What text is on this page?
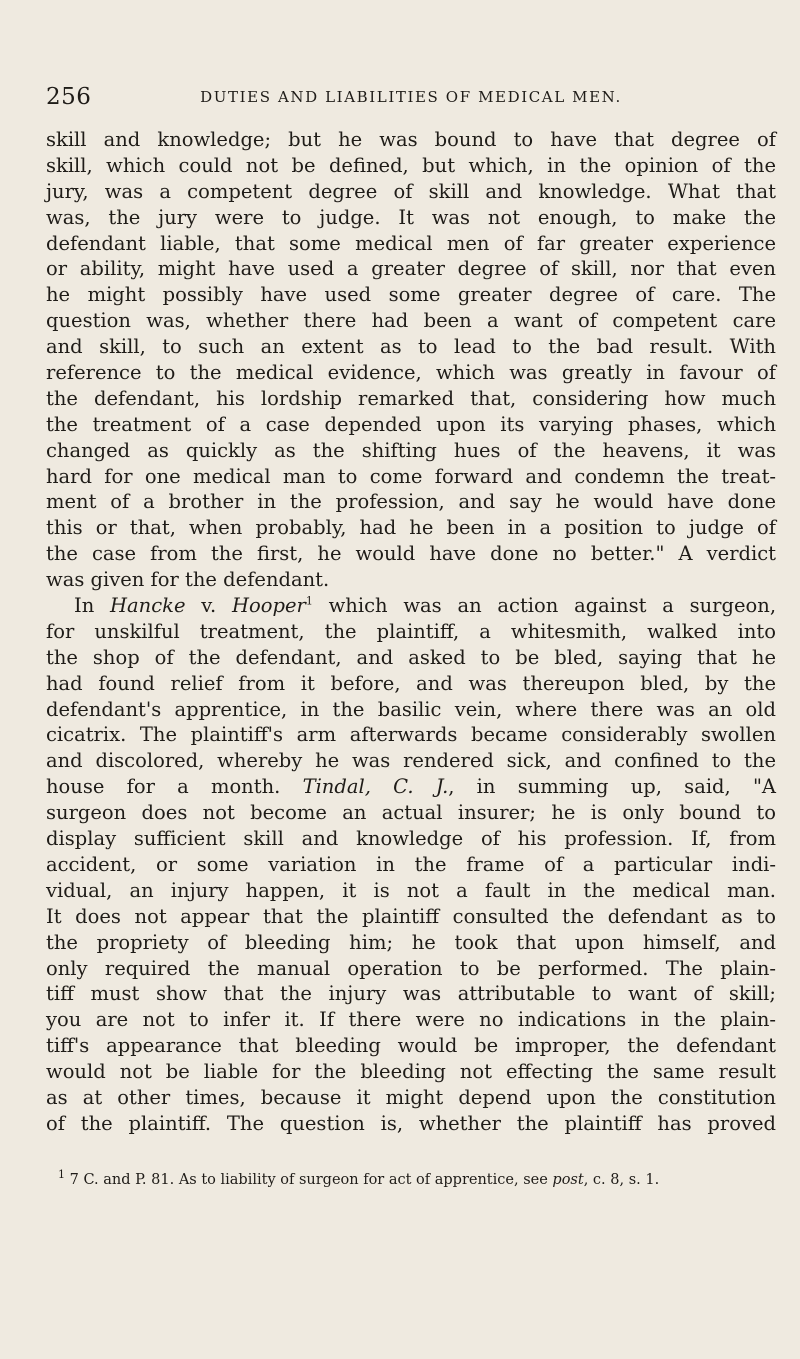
256	DUTIES AND LIABILITIES OF MEDICAL MEN.
skill and knowledge; but he was bound to have that degree of
skill, which could not be defined, but which, in the opinion of the
jury, was a competent degree of skill and knowledge. What that
was, the jury were to judge. It was not enough, to make the
defendant liable, that some medical men of far greater experience
or ability, might have used a greater degree of skill, nor that even
he might possibly have used some greater degree of care. The
question was, whether there had been a want of competent care
and skill, to such an extent as to lead to the bad result. With
reference to the medical evidence, which was greatly in favour of
the defendant, his lordship remarked that, considering how much
the treatment of a case depended upon its varying phases, which
changed as quickly as the shifting hues of the heavens, it was
hard for one medical man to come forward and condemn the treat-
ment of a brother in the profession, and say he would have done
this or that, when probably, had he been in a position to judge of
the case from the first, he would have done no better." A verdict
was given for the defendant.
In Hancke v. Hooper$^1$ which was an action against a surgeon,
for unskilful treatment, the plaintiff, a whitesmith, walked into
the shop of the defendant, and asked to be bled, saying that he
had found relief from it before, and was thereupon bled, by the
defendant's apprentice, in the basilic vein, where there was an old
cicatrix. The plaintiff's arm afterwards became considerably swollen
and discolored, whereby he was rendered sick, and confined to the
house for a month. Tindal, C. J., in summing up, said, "A
surgeon does not become an actual insurer; he is only bound to
display sufficient skill and knowledge of his profession. If, from
accident, or some variation in the frame of a particular indi-
vidual, an injury happen, it is not a fault in the medical man.
It does not appear that the plaintiff consulted the defendant as to
the propriety of bleeding him; he took that upon himself, and
only required the manual operation to be performed. The plain-
tiff must show that the injury was attributable to want of skill;
you are not to infer it. If there were no indications in the plain-
tiff's appearance that bleeding would be improper, the defendant
would not be liable for the bleeding not effecting the same result
as at other times, because it might depend upon the constitution
of the plaintiff. The question is, whether the plaintiff has proved
$^1$ 7 C. and P. 81. As to liability of surgeon for act of apprentice, see post, c. 8, s. 1.
